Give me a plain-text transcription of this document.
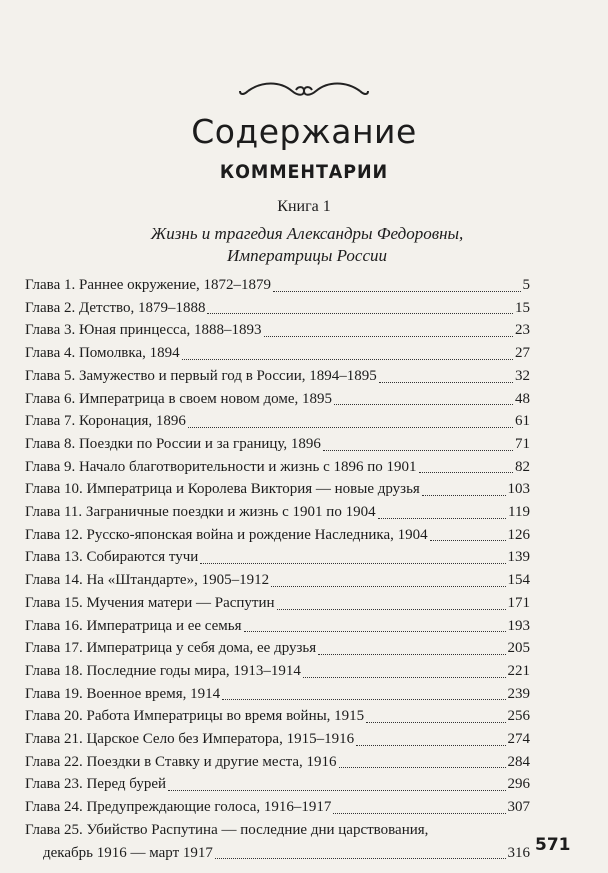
Содержание
КОММЕНТАРИИ
Книга 1
Жизнь и трагедия Александры Федоровны,
Императрицы России
Глава 1. Раннее окружение, 1872–1879	5
Глава 2. Детство, 1879–1888	15
Глава 3. Юная принцесса, 1888–1893	23
Глава 4. Помолвка, 1894	27
Глава 5. Замужество и первый год в России, 1894–1895	32
Глава 6. Императрица в своем новом доме, 1895	48
Глава 7. Коронация, 1896	61
Глава 8. Поездки по России и за границу, 1896	71
Глава 9. Начало благотворительности и жизнь с 1896 по 1901	82
Глава 10. Императрица и Королева Виктория — новые друзья	103
Глава 11. Заграничные поездки и жизнь с 1901 по 1904	119
Глава 12. Русско-японская война и рождение Наследника, 1904	126
Глава 13. Собираются тучи	139
Глава 14. На «Штандарте», 1905–1912	154
Глава 15. Мучения матери — Распутин	171
Глава 16. Императрица и ее семья	193
Глава 17. Императрица у себя дома, ее друзья	205
Глава 18. Последние годы мира, 1913–1914	221
Глава 19. Военное время, 1914	239
Глава 20. Работа Императрицы во время войны, 1915	256
Глава 21. Царское Село без Императора, 1915–1916	274
Глава 22. Поездки в Ставку и другие места, 1916	284
Глава 23. Перед бурей	296
Глава 24. Предупреждающие голоса, 1916–1917	307
Глава 25. Убийство Распутина — последние дни царствования,
декабрь 1916 — март 1917	316 571
